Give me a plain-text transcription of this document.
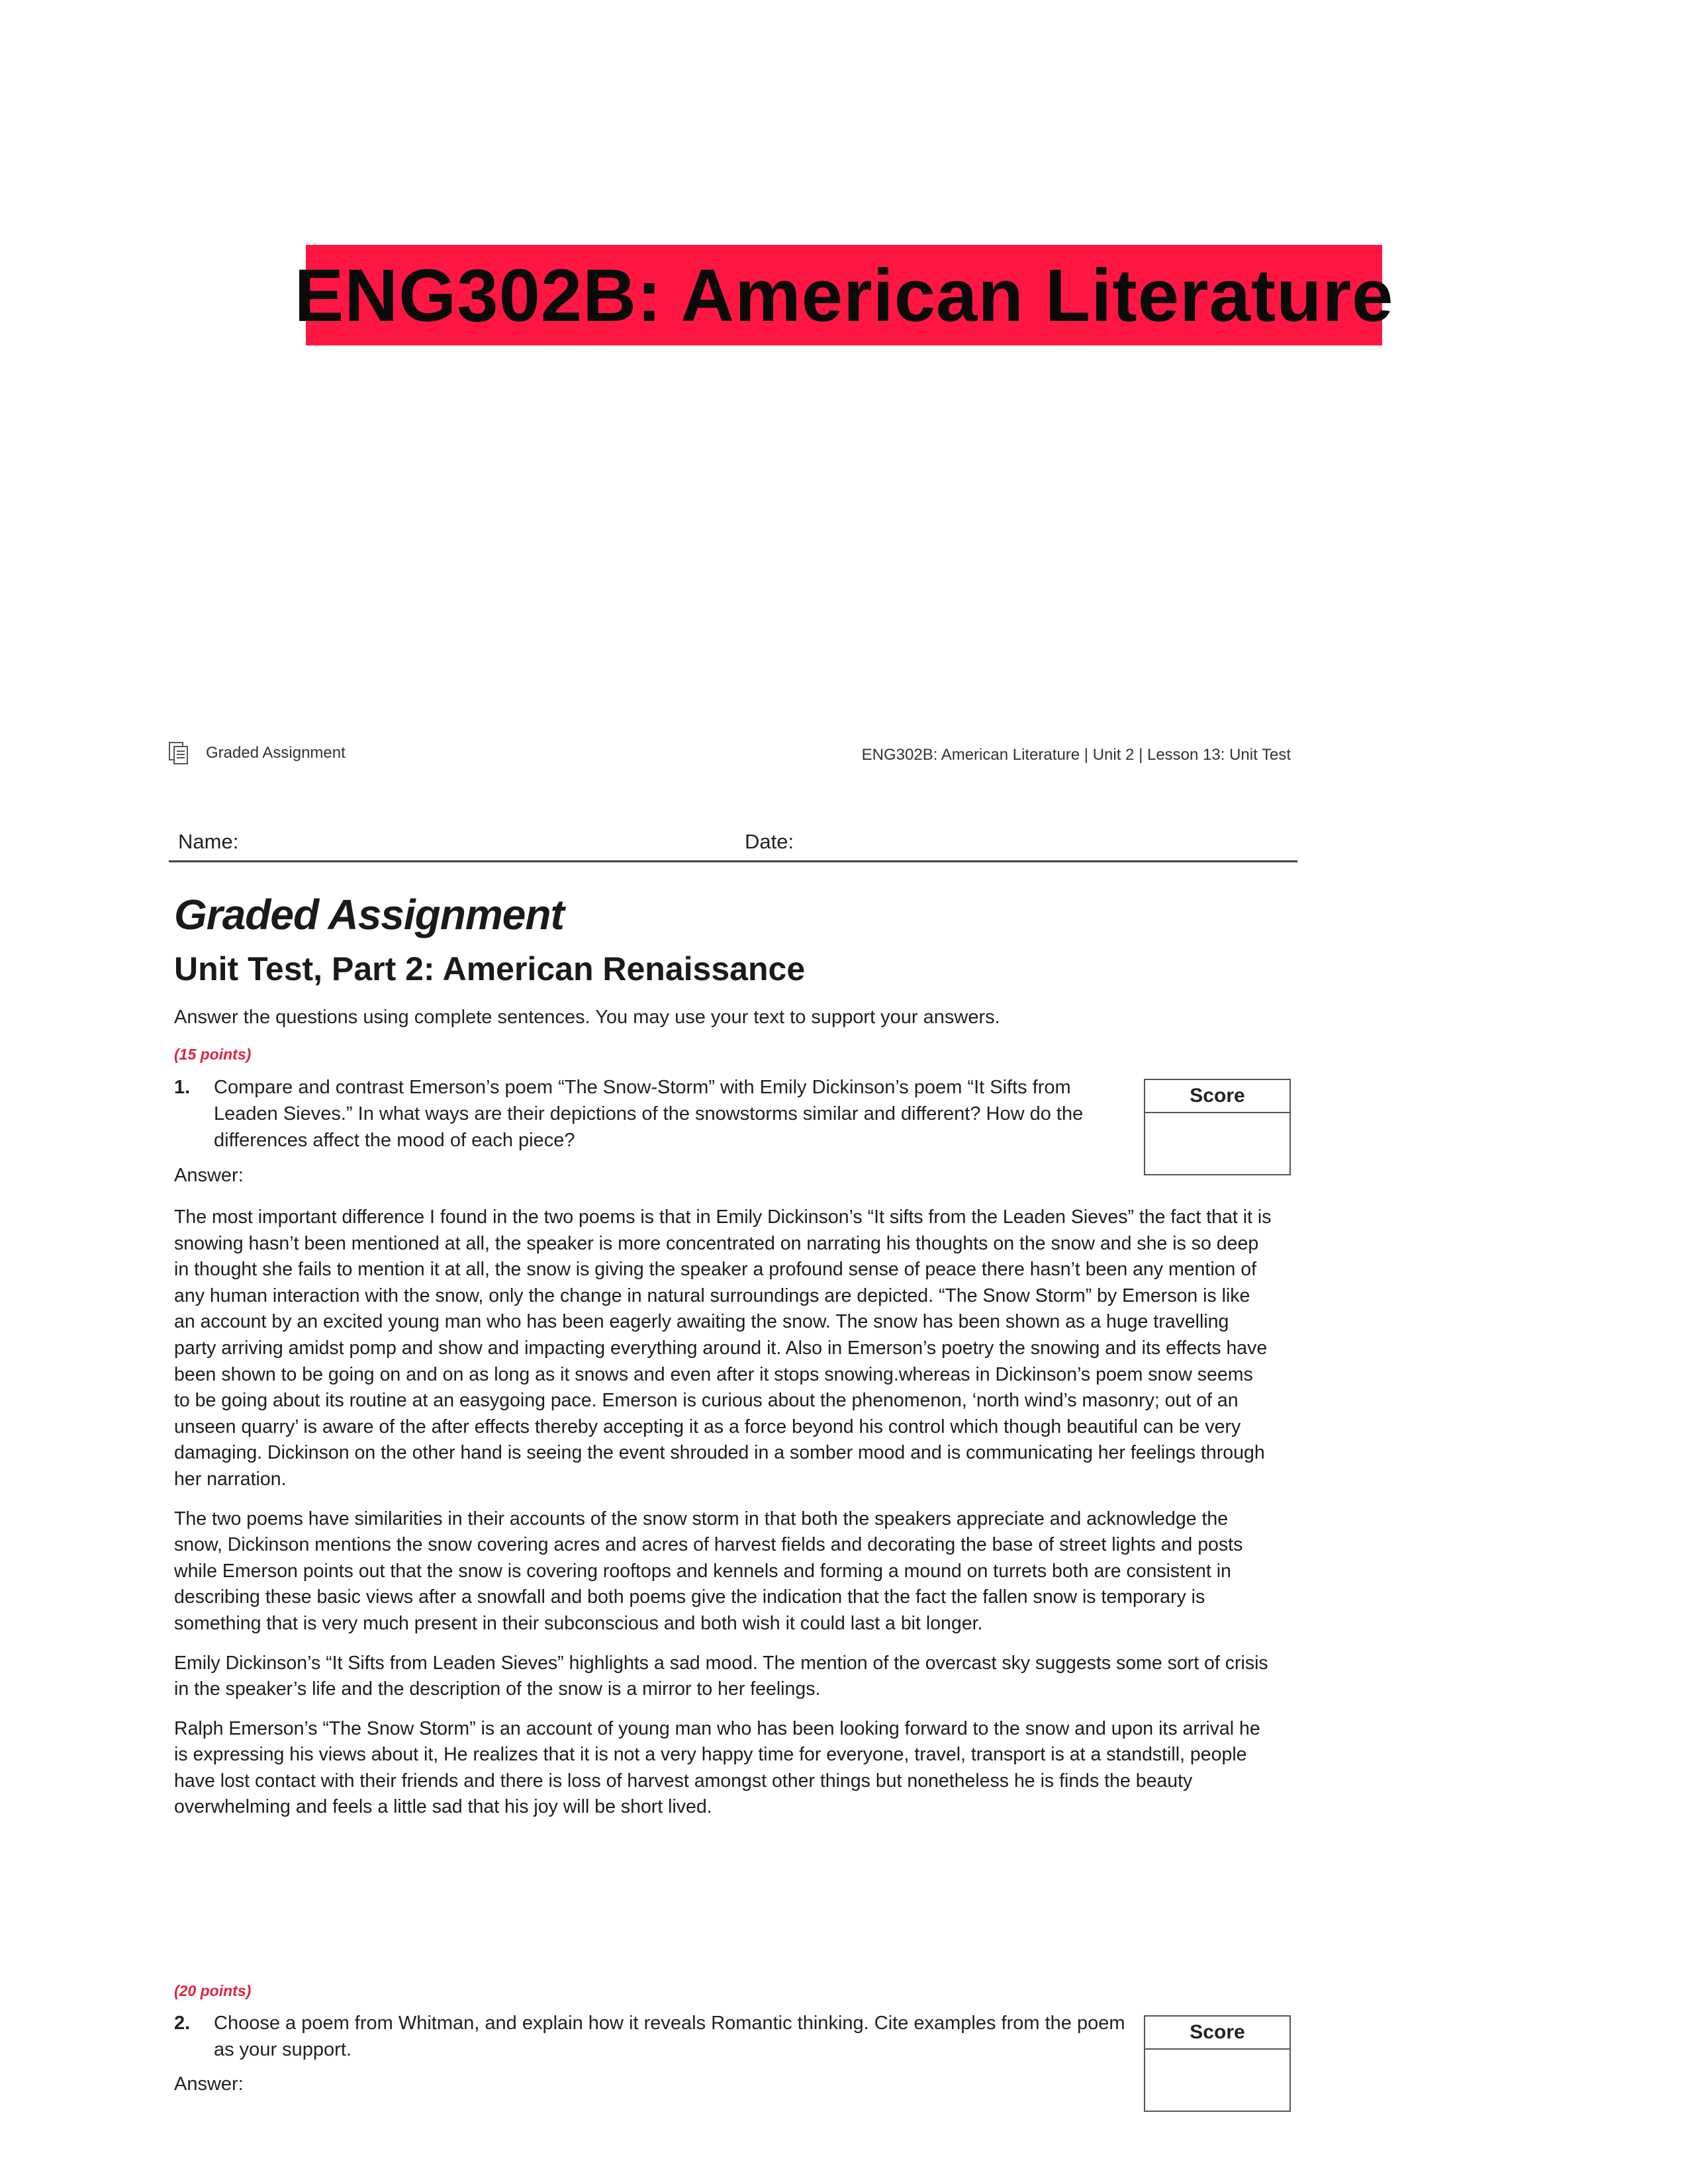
ENG302B: American Literature
Graded Assignment	ENG302B: American Literature | Unit 2 | Lesson 13: Unit Test
Name:	Date:
Graded Assignment
Unit Test, Part 2: American Renaissance
Answer the questions using complete sentences. You may use your text to support your answers.
(15 points)
1. Compare and contrast Emerson’s poem “The Snow-Storm” with Emily Dickinson’s poem “It Sifts from Leaden Sieves.” In what ways are their depictions of the snowstorms similar and different? How do the differences affect the mood of each piece?
Score
Answer:

The most important difference I found in the two poems is that in Emily Dickinson’s “It sifts from the Leaden Sieves” the fact that it is snowing hasn’t been mentioned at all, the speaker is more concentrated on narrating his thoughts on the snow and she is so deep in thought she fails to mention it at all, the snow is giving the speaker a profound sense of peace there hasn’t been any mention of any human interaction with the snow, only the change in natural surroundings are depicted. “The Snow Storm” by Emerson is like an account by an excited young man who has been eagerly awaiting the snow. The snow has been shown as a huge travelling party arriving amidst pomp and show and impacting everything around it. Also in Emerson’s poetry the snowing and its effects have been shown to be going on and on as long as it snows and even after it stops snowing.whereas in Dickinson’s poem snow seems to be going about its routine at an easygoing pace. Emerson is curious about the phenomenon, ‘north wind’s masonry; out of an unseen quarry’ is aware of the after effects thereby accepting it as a force beyond his control which though beautiful can be very damaging. Dickinson on the other hand is seeing the event shrouded in a somber mood and is communicating her feelings through her narration.

The two poems have similarities in their accounts of the snow storm in that both the speakers appreciate and acknowledge the snow, Dickinson mentions the snow covering acres and acres of harvest fields and decorating the base of street lights and posts while Emerson points out that the snow is covering rooftops and kennels and forming a mound on turrets both are consistent in describing these basic views after a snowfall and both poems give the indication that the fact the fallen snow is temporary is something that is very much present in their subconscious and both wish it could last a bit longer.

Emily Dickinson’s “It Sifts from Leaden Sieves” highlights a sad mood. The mention of the overcast sky suggests some sort of crisis in the speaker’s life and the description of the snow is a mirror to her feelings.

Ralph Emerson’s “The Snow Storm” is an account of young man who has been looking forward to the snow and upon its arrival he is expressing his views about it, He realizes that it is not a very happy time for everyone, travel, transport is at a standstill, people have lost contact with their friends and there is loss of harvest amongst other things but nonetheless he is finds the beauty overwhelming and feels a little sad that his joy will be short lived.

(20 points)
2. Choose a poem from Whitman, and explain how it reveals Romantic thinking. Cite examples from the poem as your support.
Score
Answer:
